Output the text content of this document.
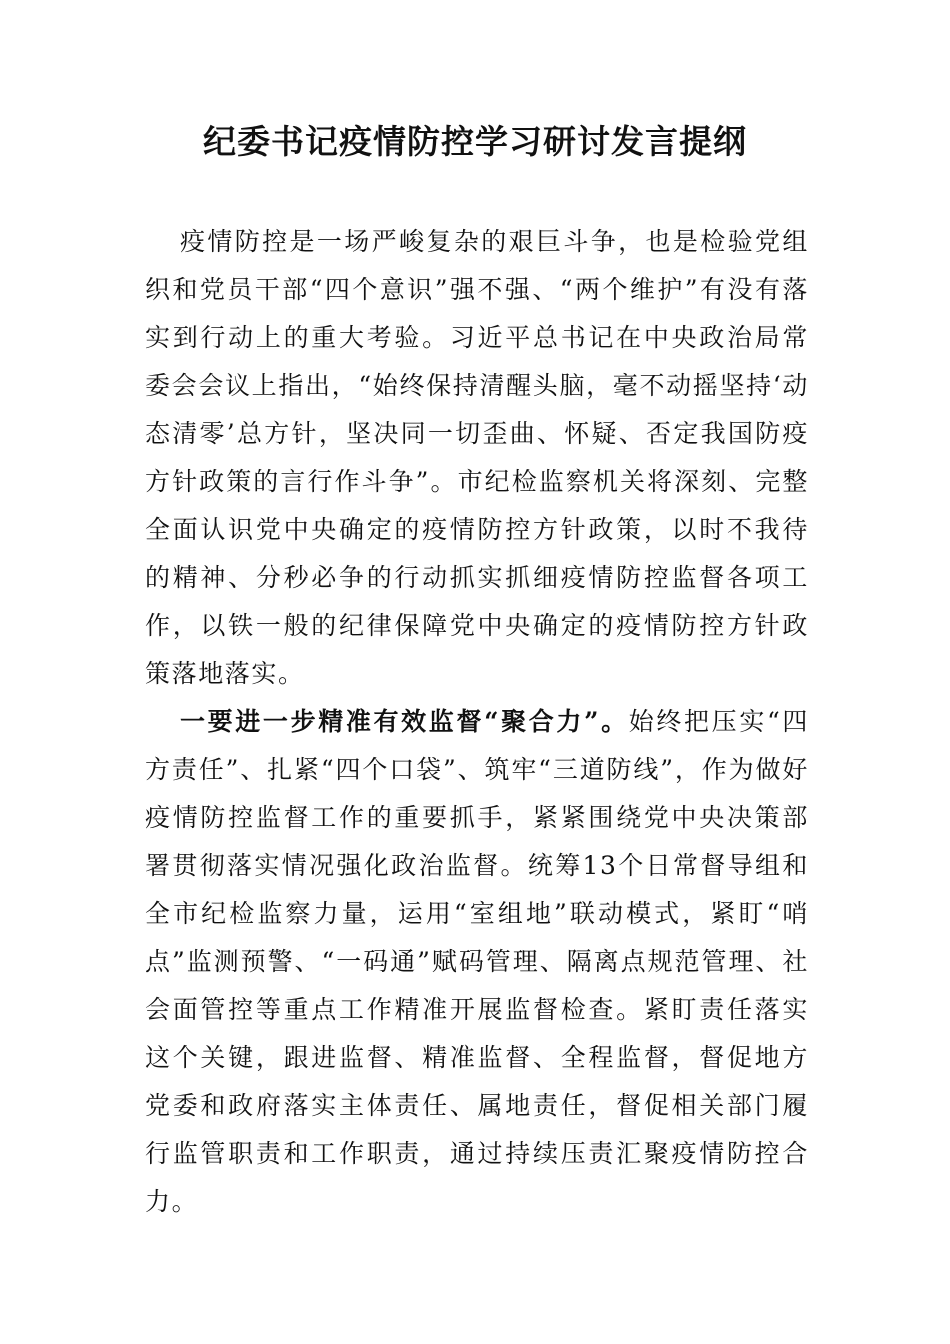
纪委书记疫情防控学习研讨发言提纲

疫情防控是一场严峻复杂的艰巨斗争，也是检验党组织和党员干部“四个意识”强不强、“两个维护”有没有落实到行动上的重大考验。习近平总书记在中央政治局常委会会议上指出，“始终保持清醒头脑，毫不动摇坚持‘动态清零’总方针，坚决同一切歪曲、怀疑、否定我国防疫方针政策的言行作斗争”。市纪检监察机关将深刻、完整全面认识党中央确定的疫情防控方针政策，以时不我待的精神、分秒必争的行动抓实抓细疫情防控监督各项工作，以铁一般的纪律保障党中央确定的疫情防控方针政策落地落实。

一要进一步精准有效监督“聚合力”。始终把压实“四方责任”、扎紧“四个口袋”、筑牢“三道防线”，作为做好疫情防控监督工作的重要抓手，紧紧围绕党中央决策部署贯彻落实情况强化政治监督。统筹13个日常督导组和全市纪检监察力量，运用“室组地”联动模式，紧盯“哨点”监测预警、“一码通”赋码管理、隔离点规范管理、社会面管控等重点工作精准开展监督检查。紧盯责任落实这个关键，跟进监督、精准监督、全程监督，督促地方党委和政府落实主体责任、属地责任，督促相关部门履行监管职责和工作职责，通过持续压责汇聚疫情防控合力。
